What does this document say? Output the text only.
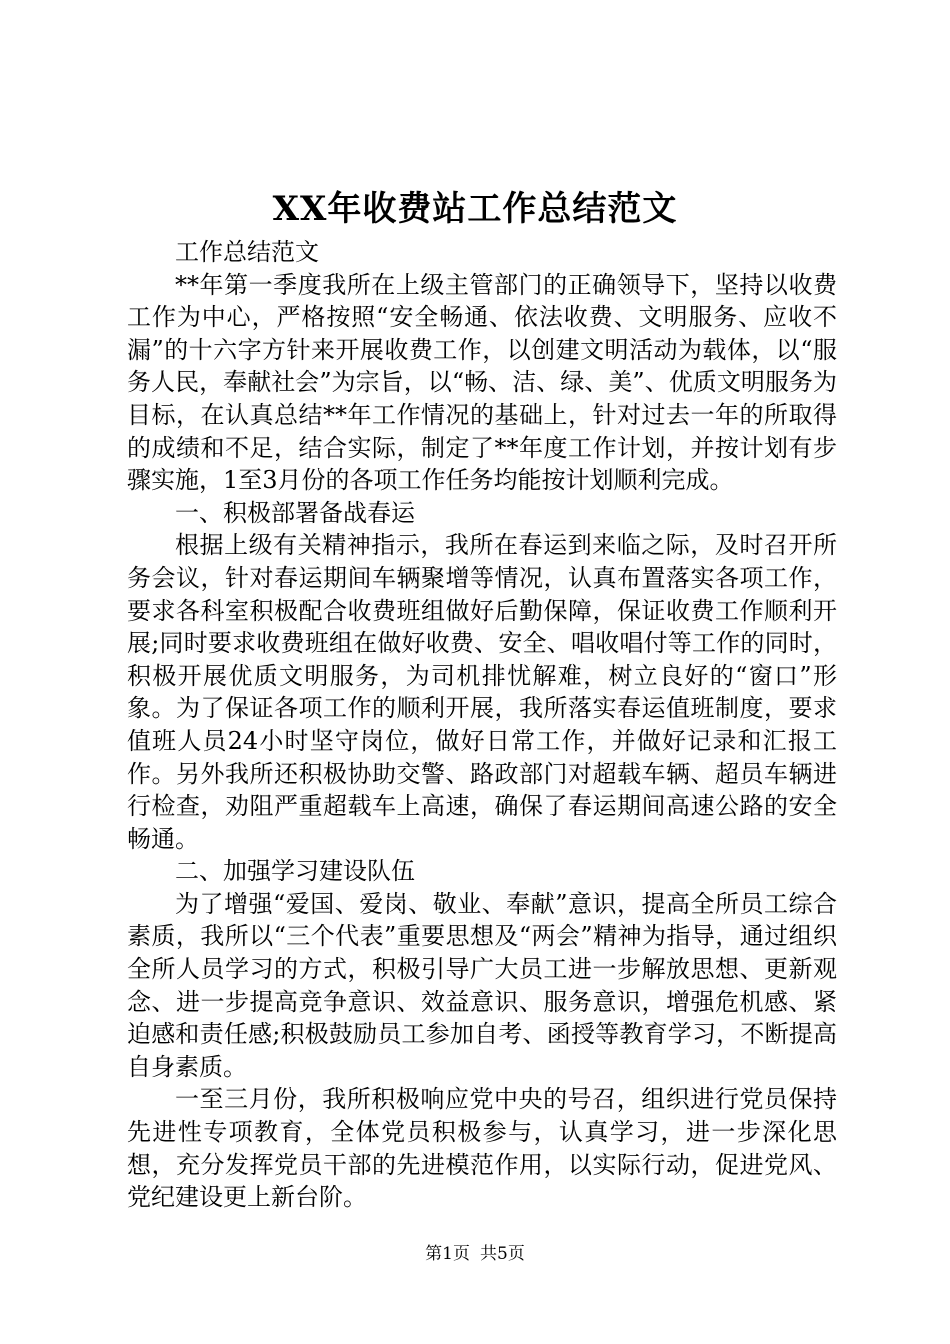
XX年收费站工作总结范文

工作总结范文

**年第一季度我所在上级主管部门的正确领导下，坚持以收费工作为中心，严格按照“安全畅通、依法收费、文明服务、应收不漏”的十六字方针来开展收费工作，以创建文明活动为载体，以“服务人民，奉献社会”为宗旨，以“畅、洁、绿、美”、优质文明服务为目标，在认真总结**年工作情况的基础上，针对过去一年的所取得的成绩和不足，结合实际，制定了**年度工作计划，并按计划有步骤实施，1至3月份的各项工作任务均能按计划顺利完成。

一、积极部署备战春运

根据上级有关精神指示，我所在春运到来临之际，及时召开所务会议，针对春运期间车辆聚增等情况，认真布置落实各项工作，要求各科室积极配合收费班组做好后勤保障，保证收费工作顺利开展;同时要求收费班组在做好收费、安全、唱收唱付等工作的同时，积极开展优质文明服务，为司机排忧解难，树立良好的“窗口”形象。为了保证各项工作的顺利开展，我所落实春运值班制度，要求值班人员24小时坚守岗位，做好日常工作，并做好记录和汇报工作。另外我所还积极协助交警、路政部门对超载车辆、超员车辆进行检查，劝阻严重超载车上高速，确保了春运期间高速公路的安全畅通。

二、加强学习建设队伍

为了增强“爱国、爱岗、敬业、奉献”意识，提高全所员工综合素质，我所以“三个代表”重要思想及“两会”精神为指导，通过组织全所人员学习的方式，积极引导广大员工进一步解放思想、更新观念、进一步提高竞争意识、效益意识、服务意识，增强危机感、紧迫感和责任感;积极鼓励员工参加自考、函授等教育学习，不断提高自身素质。

一至三月份，我所积极响应党中央的号召，组织进行党员保持先进性专项教育，全体党员积极参与，认真学习，进一步深化思想，充分发挥党员干部的先进模范作用，以实际行动，促进党风、党纪建设更上新台阶。

第1页 共5页
